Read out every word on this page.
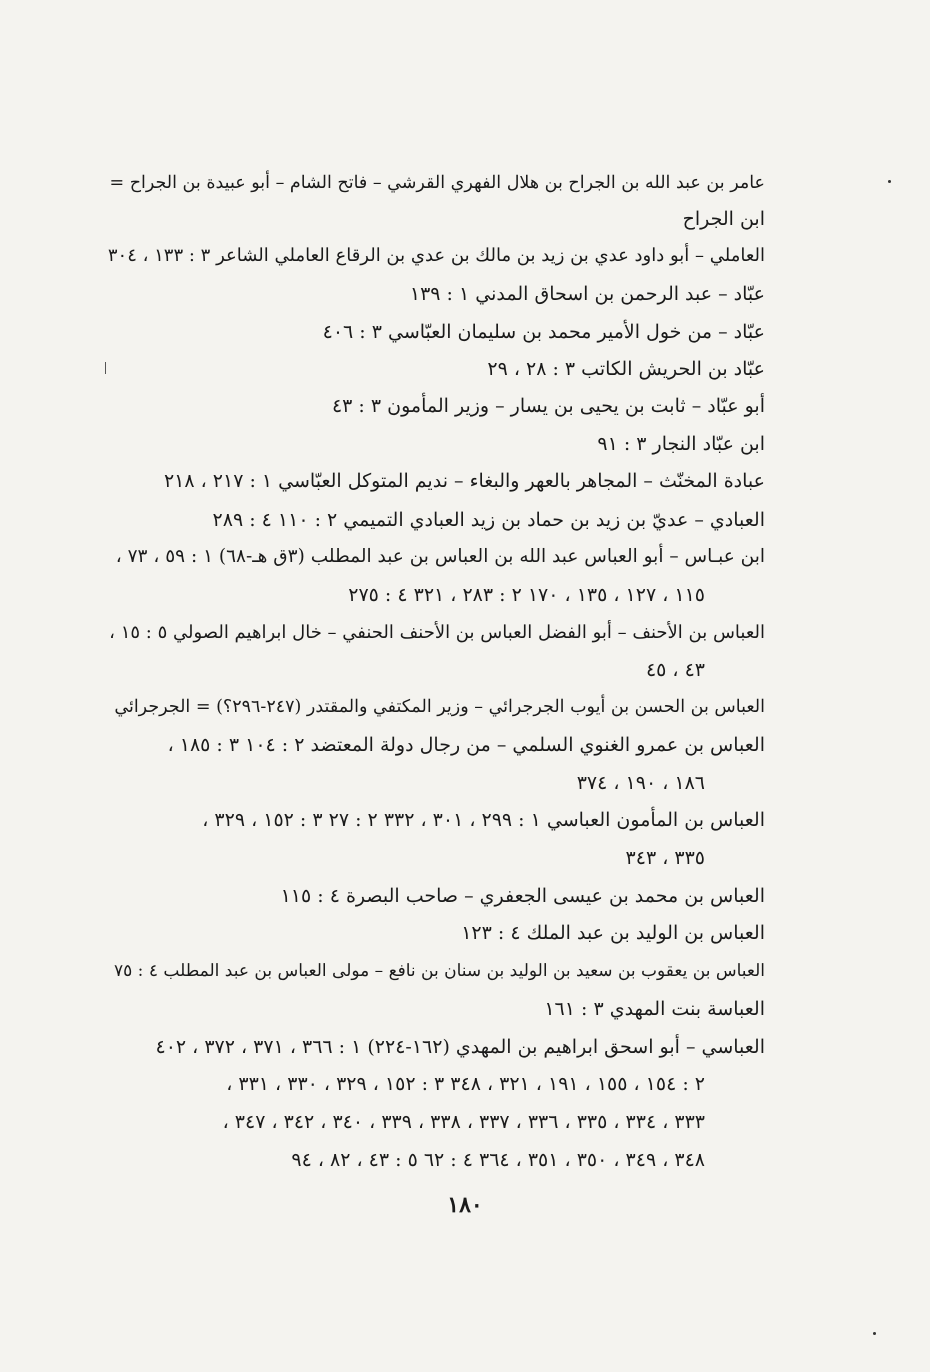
عامر بن عبد الله بن الجراح بن هلال الفهري القرشي – فاتح الشام – أبو عبيدة بن الجراح =
ابن الجراح
العاملي – أبو داود عدي بن زيد بن مالك بن عدي بن الرقاع العاملي الشاعر ٣ : ١٣٣ ، ٣٠٤
عبّاد – عبد الرحمن بن اسحاق المدني ١ : ١٣٩
عبّاد – من خول الأمير محمد بن سليمان العبّاسي ٣ : ٤٠٦
عبّاد بن الحريش الكاتب ٣ : ٢٨ ، ٢٩
أبو عبّاد – ثابت بن يحيى بن يسار – وزير المأمون ٣ : ٤٣
ابن عبّاد النجار ٣ : ٩١
عبادة المخنّث – المجاهر بالعهر والبغاء – نديم المتوكل العبّاسي ١ : ٢١٧ ، ٢١٨
العبادي – عديّ بن زيد بن حماد بن زيد العبادي التميمي ٢ : ١١٠ ٤ : ٢٨٩
ابن عبـاس – أبو العباس عبد الله بن العباس بن عبد المطلب (٣ق هـ-٦٨) ١ : ٥٩ ، ٧٣ ،
١١٥ ، ١٢٧ ، ١٣٥ ، ١٧٠ ٢ : ٢٨٣ ، ٣٢١ ٤ : ٢٧٥
العباس بن الأحنف – أبو الفضل العباس بن الأحنف الحنفي – خال ابراهيم الصولي ٥ : ١٥ ،
٤٣ ، ٤٥
العباس بن الحسن بن أيوب الجرجرائي – وزير المكتفي والمقتدر (٢٤٧-٢٩٦؟) = الجرجرائي
العباس بن عمرو الغنوي السلمي – من رجال دولة المعتضد ٢ : ١٠٤ ٣ : ١٨٥ ،
١٨٦ ، ١٩٠ ، ٣٧٤
العباس بن المأمون العباسي ١ : ٢٩٩ ، ٣٠١ ، ٣٣٢ ٢ : ٢٧ ٣ : ١٥٢ ، ٣٢٩ ،
٣٣٥ ، ٣٤٣
العباس بن محمد بن عيسى الجعفري – صاحب البصرة ٤ : ١١٥
العباس بن الوليد بن عبد الملك ٤ : ١٢٣
العباس بن يعقوب بن سعيد بن الوليد بن سنان بن نافع – مولى العباس بن عبد المطلب ٤ : ٧٥
العباسة بنت المهدي ٣ : ١٦١
العباسي – أبو اسحق ابراهيم بن المهدي (١٦٢-٢٢٤) ١ : ٣٦٦ ، ٣٧١ ، ٣٧٢ ، ٤٠٢
٢ : ١٥٤ ، ١٥٥ ، ١٩١ ، ٣٢١ ، ٣٤٨ ٣ : ١٥٢ ، ٣٢٩ ، ٣٣٠ ، ٣٣١ ،
٣٣٣ ، ٣٣٤ ، ٣٣٥ ، ٣٣٦ ، ٣٣٧ ، ٣٣٨ ، ٣٣٩ ، ٣٤٠ ، ٣٤٢ ، ٣٤٧ ،
٣٤٨ ، ٣٤٩ ، ٣٥٠ ، ٣٥١ ، ٣٦٤ ٤ : ٦٢ ٥ : ٤٣ ، ٨٢ ، ٩٤
١٨٠
